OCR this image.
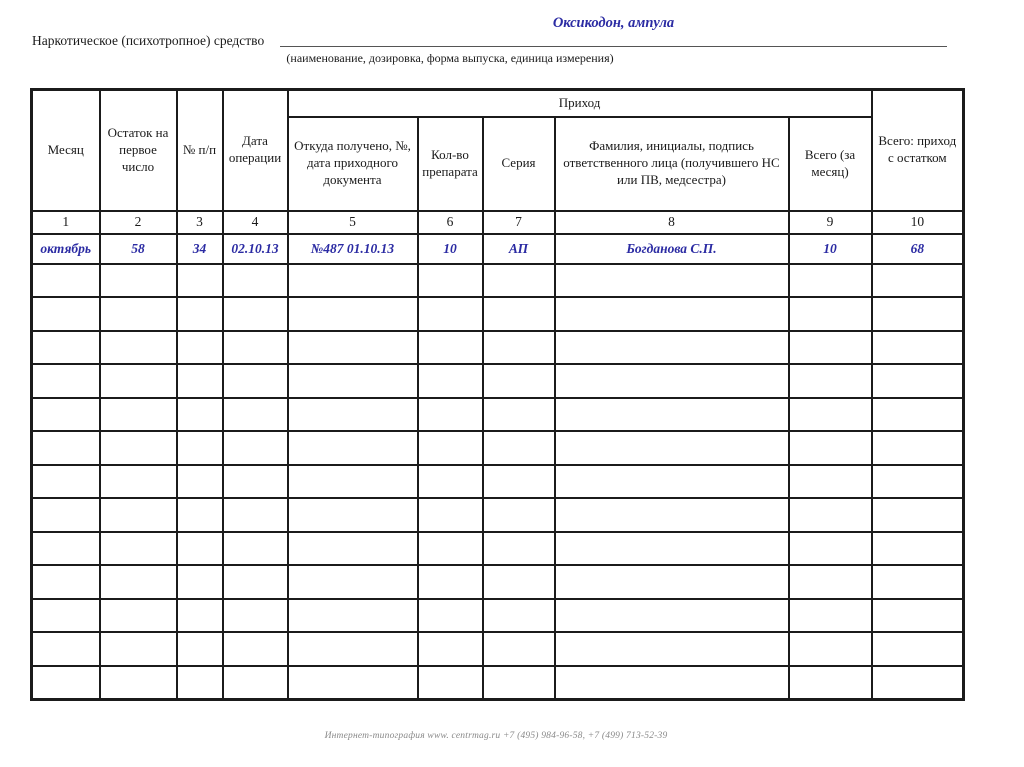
Наркотическое (психотропное) средство
Оксикодон, ампула
(наименование, дозировка, форма выпуска, единица измерения)
Месяц	Остаток на первое число	№ п/п	Дата операции	Приход					Всего: приход с остатком
				Откуда получено, №, дата приходного документа	Кол-во препарата	Серия	Фамилия, инициалы, подпись ответственного лица (получившего НС или ПВ, медсестра)	Всего (за месяц)	
1	2	3	4	5	6	7	8	9	10
октябрь	58	34	02.10.13	№487 01.10.13	10	АП	Богданова С.П.	10	68

Интернет-типография www. centrmag.ru +7 (495) 984-96-58, +7 (499) 713-52-39
